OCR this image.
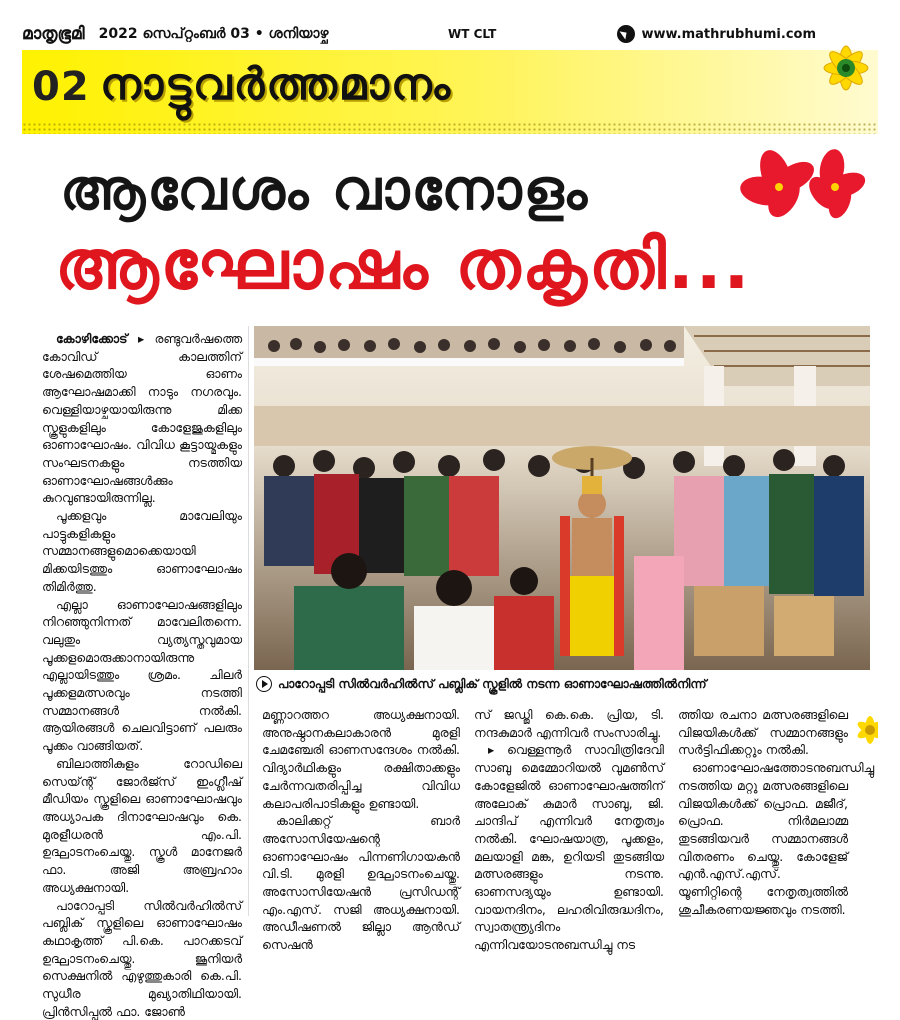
മാതൃഭൂമി 2022 സെപ്റ്റംബർ 03 • ശനിയാഴ്ച	WT CLT	www.mathrubhumi.com
02 നാട്ടുവർത്തമാനം
ആവേശം വാനോളം
ആഘോഷം തകൃതി...

കോഴിക്കോട് ▸ രണ്ടുവർഷത്തെ കോവിഡ് കാലത്തിന് ശേഷമെത്തിയ ഓണം ആഘോഷമാക്കി നാടും നഗരവും. വെള്ളിയാഴ്ചയായിരുന്നു മിക്ക സ്കൂളുകളിലും കോളേജുകളിലും ഓണാഘോഷം. വിവിധ കൂട്ടായ്മകളും സംഘടനകളും നടത്തിയ ഓണാഘോഷങ്ങൾക്കും കുറവുണ്ടായിരുന്നില്ല.

പൂക്കളവും മാവേലിയും പാട്ടുകളികളും സമ്മാനങ്ങളുമൊക്കെയായി മിക്കയിടത്തും ഓണാഘോഷം തിമിർത്തു.

എല്ലാ ഓണാഘോഷങ്ങളിലും നിറഞ്ഞുനിന്നത് മാവേലിതന്നെ. വലുതും വ്യത്യസ്തവുമായ പൂക്കളമൊരുക്കാനായിരുന്നു എല്ലായിടത്തും ശ്രമം. ചിലർ പൂക്കളമത്സരവും നടത്തി സമ്മാനങ്ങൾ നൽകി. ആയിരങ്ങൾ ചെലവിട്ടാണ് പലരും പൂക്കം വാങ്ങിയത്.

ബിലാത്തികുളം റോഡിലെ സെയ്ന്റ് ജോർജ്സ് ഇംഗ്ലീഷ് മീഡിയം സ്കൂളിലെ ഓണാഘോഷവും അധ്യാപക ദിനാഘോഷവും കെ. മുരളീധരൻ എം.പി. ഉദ്ഘാടനംചെയ്തു. സ്കൂൾ മാനേജർ ഫാ. അജി അബ്രഹാം അധ്യക്ഷനായി.

പാറോപ്പടി സിൽവർഹിൽസ് പബ്ലിക് സ്കൂളിലെ ഓണാഘോഷം കഥാകൃത്ത് പി.കെ. പാറക്കടവ് ഉദ്ഘാടനംചെയ്തു. ജൂനിയർ സെക്ഷനിൽ എഴുത്തുകാരി കെ.പി. സുധീര മുഖ്യാതിഥിയായി. പ്രിൻസിപ്പൽ ഫാ. ജോൺ

പാറോപ്പടി സിൽവർഹിൽസ് പബ്ലിക് സ്കൂളിൽ നടന്ന ഓണാഘോഷത്തിൽനിന്ന്

മണ്ണാറത്തറ അധ്യക്ഷനായി. അനുഷ്ഠാനകലാകാരൻ മുരളി ചേമഞ്ചേരി ഓണസന്ദേശം നൽകി. വിദ്യാർഥികളും രക്ഷിതാക്കളും ചേർന്നവതരിപ്പിച്ച വിവിധ കലാപരിപാടികളും ഉണ്ടായി.

കാലിക്കറ്റ് ബാർ അസോസിയേഷന്റെ ഓണാഘോഷം പിന്നണിഗായകൻ വി.ടി. മുരളി ഉദ്ഘാടനംചെയ്തു. അസോസിയേഷൻ പ്രസിഡന്റ് എം.എസ്. സജി അധ്യക്ഷനായി. അഡീഷണൽ ജില്ലാ ആൻഡ് സെഷൻ

സ് ജഡ്ജി കെ.കെ. പ്രിയ, ടി. നന്ദകുമാർ എന്നിവർ സംസാരിച്ചു.

▸ വെള്ളന്നൂർ സാവിത്രിദേവി സാബു മെമ്മോറിയൽ വുമൺസ് കോളേജിൽ ഓണാഘോഷത്തിന് അലോക് കുമാർ സാബു, ജി. ചാന്ദിപ് എന്നിവർ നേതൃത്വം നൽകി. ഘോഷയാത്ര, പൂക്കളം, മലയാളി മങ്ക, ഉറിയടി തുടങ്ങിയ മത്സരങ്ങളും നടന്നു. ഓണസദ്യയും ഉണ്ടായി. വായനദിനം, ലഹരിവിരുദ്ധദിനം, സ്വാതന്ത്ര്യദിനം എന്നിവയോടനുബന്ധിച്ചു നട

ത്തിയ രചനാ മത്സരങ്ങളിലെ വിജയികൾക്ക് സമ്മാനങ്ങളും സർട്ടിഫിക്കറ്റും നൽകി.

ഓണാഘോഷത്തോടനുബന്ധിച്ചു നടത്തിയ മറ്റു മത്സരങ്ങളിലെ വിജയികൾക്ക് പ്രൊഫ. മജീദ്, പ്രൊഫ. നിർമലാമ്മ തുടങ്ങിയവർ സമ്മാനങ്ങൾ വിതരണം ചെയ്തു. കോളേജ് എൻ.എസ്.എസ്. യൂണിറ്റിന്റെ നേതൃത്വത്തിൽ ശുചീകരണയജ്ഞവും നടത്തി.
